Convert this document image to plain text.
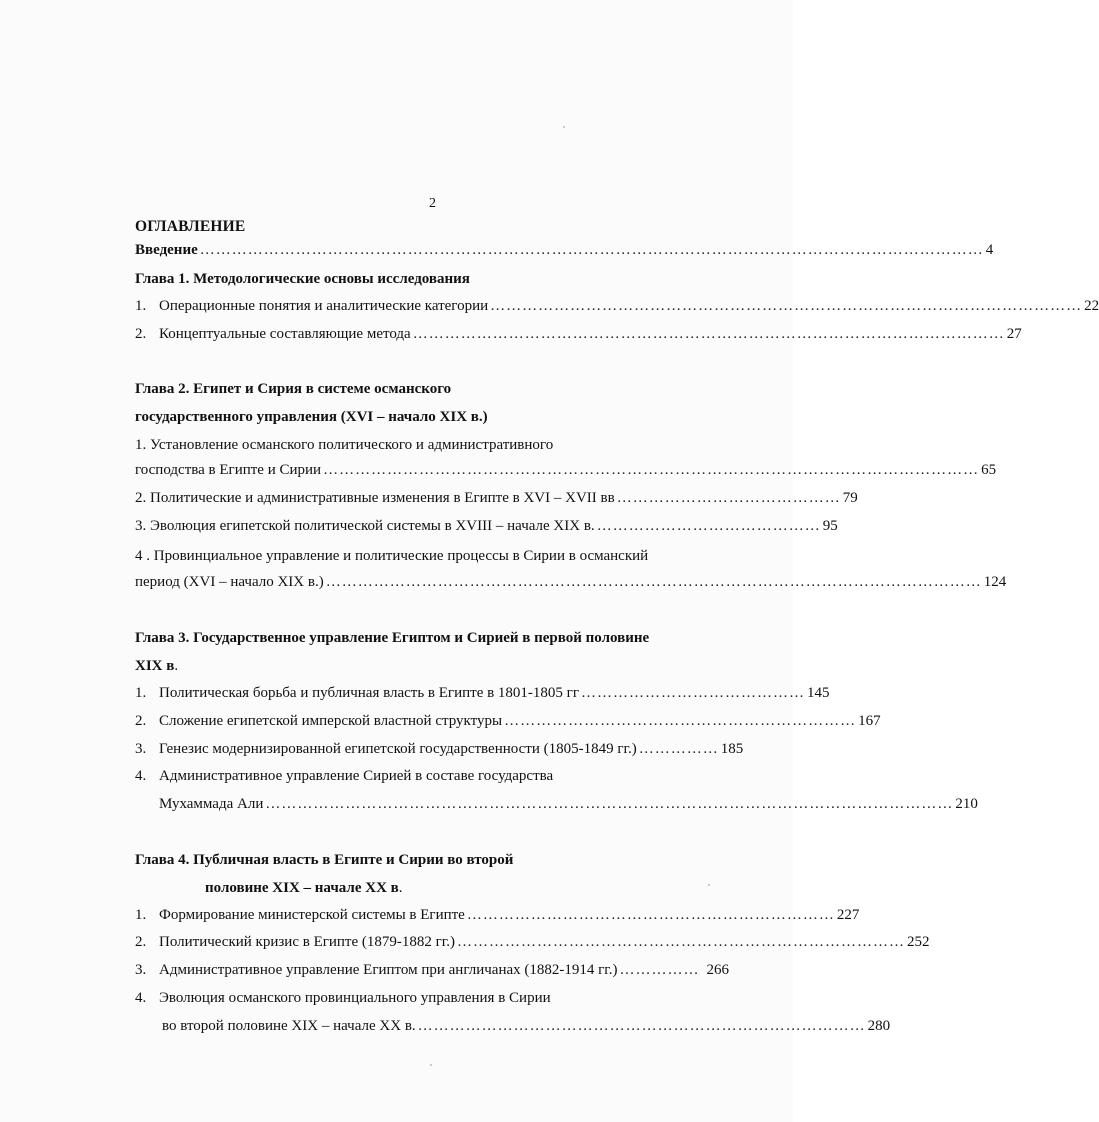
2
ОГЛАВЛЕНИЕ
Введение ………………………………………………………………………………………………………………………………… 4
Глава 1. Методологические основы исследования
1. Операционные понятия и аналитические категории ………………………………………………………………………………………………… 22
2. Концептуальные составляющие метода ………………………………………………………………………………………………… 27
Глава 2. Египет и Сирия в системе османского
государственного управления (XVI – начало XIX в.)
1. Установление османского политического и административного
господства в Египте и Сирии …………………………………………………………………………………………………………… 65
2. Политические и административные изменения в Египте в XVI – XVII вв …………………………………… 79
3. Эволюция египетской политической системы в XVIII – начале XIX в. …………………………………… 95
4 . Провинциальное управление и политические процессы в Сирии в османский
период (XVI – начало XIX в.) …………………………………………………………………………………………………………… 124
Глава 3. Государственное управление Египтом и Сирией в первой половине
XIX в.
1. Политическая борьба и публичная власть в Египте в 1801-1805 гг …………………………………… 145
2. Сложение египетской имперской властной структуры ………………………………………………………… 167
3. Генезис модернизированной египетской государственности (1805-1849 гг.) …………… 185
4. Административное управление Сирией в составе государства
Мухаммада Али ………………………………………………………………………………………………………………… 210
Глава 4. Публичная власть в Египте и Сирии во второй
половине XIX – начале XX в.
1. Формирование министерской системы в Египте …………………………………………………………… 227
2. Политический кризис в Египте (1879-1882 гг.) ………………………………………………………………………… 252
3. Административное управление Египтом при англичанах (1882-1914 гг.) …………… 266
4. Эволюция османского провинциального управления в Сирии
во второй половине XIX – начале XX в. ………………………………………………………………………… 280
